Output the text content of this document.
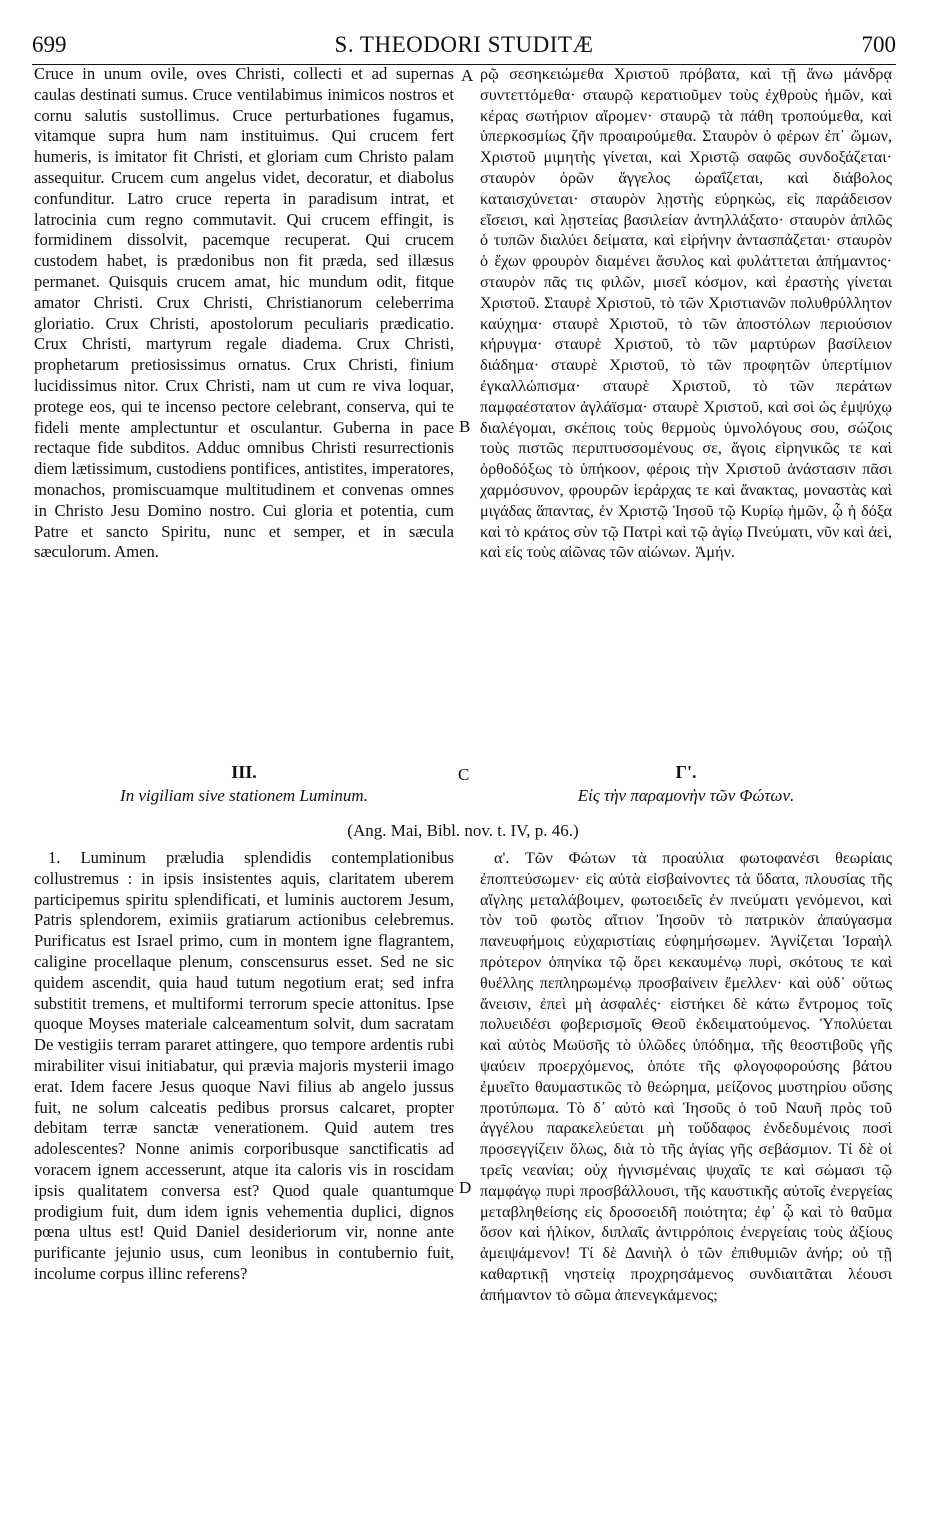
699	S. THEODORI STUDITÆ	700

Cruce in unum ovile, oves Christi, collecti et ad supernas caulas destinati sumus. Cruce ventilabimus inimicos nostros et cornu salutis sustollimus. Cruce perturbationes fugamus, vitamque supra hum nam instituimus. Qui crucem fert humeris, is imitator fit Christi, et gloriam cum Christo palam assequitur. Crucem cum angelus videt, decoratur, et diabolus confunditur. Latro cruce reperta in paradisum intrat, et latrocinia cum regno commutavit. Qui crucem effingit, is formidinem dissolvit, pacemque recuperat. Qui crucem custodem habet, is prædonibus non fit præda, sed illæsus permanet. Quisquis crucem amat, hic mundum odit, fitque amator Christi. Crux Christi, Christianorum celeberrima gloriatio. Crux Christi, apostolorum peculiaris prædicatio. Crux Christi, martyrum regale diadema. Crux Christi, prophetarum pretiosissimus ornatus. Crux Christi, finium lucidissimus nitor. Crux Christi, nam ut cum re viva loquar, protege eos, qui te incenso pectore celebrant, conserva, qui te fideli mente amplectuntur et osculantur. Guberna in pace rectaque fide subditos. Adduc omnibus Christi resurrectionis diem lætissimum, custodiens pontifices, antistites, imperatores, monachos, promiscuamque multitudinem et convenas omnes in Christo Jesu Domino nostro. Cui gloria et potentia, cum Patre et sancto Spiritu, nunc et semper, et in sæcula sæculorum. Amen.

ρῷ σεσηκειώμεθα Χριστοῦ πρόβατα, καὶ τῇ ἄνω μάνδρᾳ συντεττόμεθα· σταυρῷ κερατιοῦμεν τοὺς ἐχθροὺς ἡμῶν, καὶ κέρας σωτήριον αἴρομεν· σταυρῷ τὰ πάθη τροπούμεθα, καὶ ὑπερκοσμίως ζῆν προαιρούμεθα. Σταυρὸν ὁ φέρων ἐπ᾽ ὤμων, Χριστοῦ μιμητὴς γίνεται, καὶ Χριστῷ σαφῶς συνδοξάζεται· σταυρὸν ὁρῶν ἄγγελος ὡραΐζεται, καὶ διάβολος καταισχύνεται· σταυρὸν λῃστὴς εὑρηκὼς, εἰς παράδεισον εἴσεισι, καὶ λῃστείας βασιλείαν ἀντηλλάξατο· σταυρὸν ἁπλῶς ὁ τυπῶν διαλύει δείματα, καὶ εἰρήνην ἀντασπάζεται· σταυρὸν ὁ ἔχων φρουρὸν διαμένει ἄσυλος καὶ φυλάττεται ἀπήμαντος· σταυρὸν πᾶς τις φιλῶν, μισεῖ κόσμον, καὶ ἐραστὴς γίνεται Χριστοῦ. Σταυρὲ Χριστοῦ, τὸ τῶν Χριστιανῶν πολυθρύλλητον καύχημα· σταυρὲ Χριστοῦ, τὸ τῶν ἀποστόλων περιούσιον κήρυγμα· σταυρὲ Χριστοῦ, τὸ τῶν μαρτύρων βασίλειον διάδημα· σταυρὲ Χριστοῦ, τὸ τῶν προφητῶν ὑπερτίμιον ἐγκαλλώπισμα· σταυρὲ Χριστοῦ, τὸ τῶν περάτων παμφαέστατον ἀγλάϊσμα· σταυρὲ Χριστοῦ, καὶ σοὶ ὡς ἐμψύχῳ διαλέγομαι, σκέποις τοὺς θερμοὺς ὑμνολόγους σου, σώζοις τοὺς πιστῶς περιπτυσσομένους σε, ἄγοις εἰρηνικῶς τε καὶ ὀρθοδόξως τὸ ὑπήκοον, φέροις τὴν Χριστοῦ ἀνάστασιν πᾶσι χαρμόσυνον, φρουρῶν ἱεράρχας τε καὶ ἄνακτας, μοναστὰς καὶ μιγάδας ἅπαντας, ἐν Χριστῷ Ἰησοῦ τῷ Κυρίῳ ἡμῶν, ᾧ ἡ δόξα καὶ τὸ κράτος σὺν τῷ Πατρὶ καὶ τῷ ἁγίῳ Πνεύματι, νῦν καὶ ἀεὶ, καὶ εἰς τοὺς αἰῶνας τῶν αἰώνων. Ἀμήν.

A
B
C
D
III.
In vigiliam sive stationem Luminum.
Γ'.
Εἰς τὴν παραμονὴν τῶν Φώτων.
(Ang. Mai, Bibl. nov. t. IV, p. 46.)

1. Luminum præludia splendidis contemplationibus collustremus : in ipsis insistentes aquis, claritatem uberem participemus spiritu splendificati, et luminis auctorem Jesum, Patris splendorem, eximiis gratiarum actionibus celebremus. Purificatus est Israel primo, cum in montem igne flagrantem, caligine procellaque plenum, conscensurus esset. Sed ne sic quidem ascendit, quia haud tutum negotium erat; sed infra substitit tremens, et multiformi terrorum specie attonitus. Ipse quoque Moyses materiale calceamentum solvit, dum sacratam De vestigiis terram pararet attingere, quo tempore ardentis rubi mirabiliter visui initiabatur, qui prævia majoris mysterii imago erat. Idem facere Jesus quoque Navi filius ab angelo jussus fuit, ne solum calceatis pedibus prorsus calcaret, propter debitam terræ sanctæ venerationem. Quid autem tres adolescentes? Nonne animis corporibusque sanctificatis ad voracem ignem accesserunt, atque ita caloris vis in roscidam ipsis qualitatem conversa est? Quod quale quantumque prodigium fuit, dum idem ignis vehementia duplici, dignos pœna ultus est! Quid Daniel desideriorum vir, nonne ante purificante jejunio usus, cum leonibus in contubernio fuit, incolume corpus illinc referens?

α'. Τῶν Φώτων τὰ προαύλια φωτοφανέσι θεωρίαις ἐποπτεύσωμεν· εἰς αὐτὰ εἰσβαίνοντες τὰ ὕδατα, πλουσίας τῆς αἴγλης μεταλάβοιμεν, φωτοειδεῖς ἐν πνεύματι γενόμενοι, καὶ τὸν τοῦ φωτὸς αἴτιον Ἰησοῦν τὸ πατρικὸν ἀπαύγασμα πανευφήμοις εὐχαριστίαις εὐφημήσωμεν. Ἁγνίζεται Ἰσραὴλ πρότερον ὁπηνίκα τῷ ὄρει κεκαυμένῳ πυρὶ, σκότους τε καὶ θυέλλης πεπληρωμένῳ προσβαίνειν ἔμελλεν· καὶ οὐδ᾽ οὕτως ἄνεισιν, ἐπεὶ μὴ ἀσφαλές· εἱστήκει δὲ κάτω ἔντρομος τοῖς πολυειδέσι φοβερισμοῖς Θεοῦ ἐκδειματούμενος. Ὑπολύεται καὶ αὐτὸς Μωϋσῆς τὸ ὑλῶδες ὑπόδημα, τῆς θεοστιβοῦς γῆς ψαύειν προερχόμενος, ὁπότε τῆς φλογοφορούσης βάτου ἐμυεῖτο θαυμαστικῶς τὸ θεώρημα, μείζονος μυστηρίου οὔσης προτύπωμα. Τὸ δ᾽ αὐτὸ καὶ Ἰησοῦς ὁ τοῦ Ναυῆ πρὸς τοῦ ἀγγέλου παρακελεύεται μὴ τοὔδαφος ἐνδεδυμένοις ποσὶ προσεγγίζειν ὅλως, διὰ τὸ τῆς ἁγίας γῆς σεβάσμιον. Τί δὲ οἱ τρεῖς νεανίαι; οὐχ ἡγνισμέναις ψυχαῖς τε καὶ σώμασι τῷ παμφάγῳ πυρὶ προσβάλλουσι, τῆς καυστικῆς αὐτοῖς ἐνεργείας μεταβληθείσης εἰς δροσοειδῆ ποιότητα; ἐφ᾽ ᾧ καὶ τὸ θαῦμα ὅσον καὶ ἡλίκον, διπλαῖς ἀντιρρόποις ἐνεργείαις τοὺς ἀξίους ἀμειψάμενον! Τί δὲ Δανιὴλ ὁ τῶν ἐπιθυμιῶν ἀνήρ; οὐ τῇ καθαρτικῇ νηστείᾳ προχρησάμενος συνδιαιτᾶται λέουσι ἀπήμαντον τὸ σῶμα ἀπενεγκάμενος;
